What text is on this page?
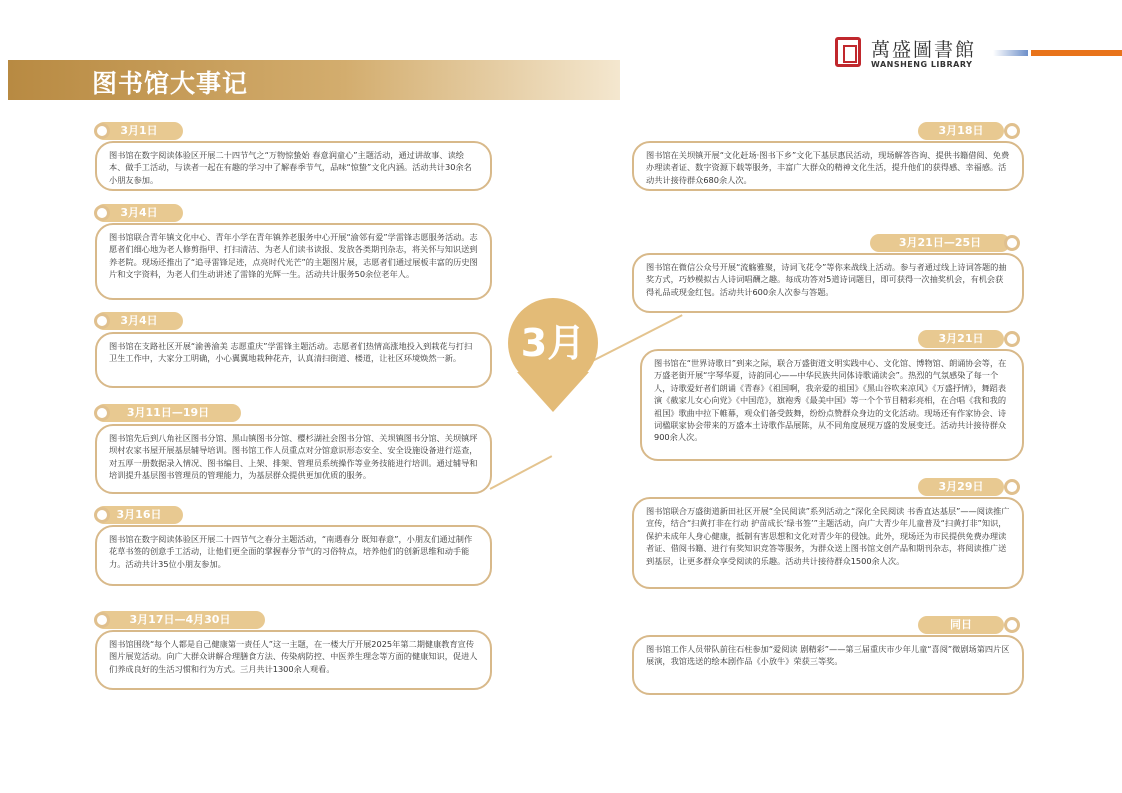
图书馆大事记
萬盛圖書館
WANSHENG LIBRARY
3月
3月1日
图书馆在数字阅读体验区开展二十四节气之“万物惊蛰始 春意润童心”主题活动，通过讲故事、读绘本、做手工活动，与读者一起在有趣的学习中了解春季节气，品味“惊蛰”文化内涵。活动共计30余名小朋友参加。
3月4日
图书馆联合青年镇文化中心、青年小学在青年镇养老服务中心开展“渝邻有爱”学雷锋志愿服务活动。志愿者们细心地为老人修剪指甲、打扫清洁、为老人们读书读报、发放各类期刊杂志，将关怀与知识送到养老院。现场还推出了“追寻雷锋足迹，点亮时代光芒”的主题图片展，志愿者们通过展板丰富的历史图片和文字资料，为老人们生动讲述了雷锋的光辉一生。活动共计服务50余位老年人。
3月4日
图书馆在支路社区开展“渝善渝美 志愿重庆”学雷锋主题活动。志愿者们热情高涨地投入到栽花与打扫卫生工作中，大家分工明确，小心翼翼地栽种花卉，认真清扫街道、楼道，让社区环境焕然一新。
3月11日—19日
图书馆先后到八角社区图书分馆、黑山镇图书分馆、樱杉湖社会图书分馆、关坝镇图书分馆、关坝镇坪坝村农家书屋开展基层辅导培训。图书馆工作人员重点对分馆意识形态安全、安全设施设备进行巡查，对五厚一册数据录入情况、图书编目、上架、排架、管理员系统操作等业务技能进行培训。通过辅导和培训提升基层图书管理员的管理能力，为基层群众提供更加优质的服务。
3月16日
图书馆在数字阅读体验区开展二十四节气之春分主题活动，“南遇春分 既知春意”，小朋友们通过制作花草书签的创意手工活动，让他们更全面的掌握春分节气的习俗特点，培养他们的创新思维和动手能力。活动共计35位小朋友参加。
3月17日—4月30日
图书馆围绕“每个人都是自己健康第一责任人”这一主题，在一楼大厅开展2025年第二期健康教育宣传图片展览活动。向广大群众讲解合理膳食方法、传染病防控、中医养生理念等方面的健康知识，促进人们养成良好的生活习惯和行为方式。三月共计1300余人观看。
3月18日
图书馆在关坝镇开展“文化赶场·图书下乡”文化下基层惠民活动，现场解答咨询、提供书籍借阅、免费办理读者证、数字资源下载等服务，丰富广大群众的精神文化生活，提升他们的获得感、幸福感。活动共计接待群众680余人次。
3月21日—25日
图书馆在微信公众号开展“流觞雅聚，诗词飞花令”等你来战线上活动。参与者通过线上诗词答题的抽奖方式，巧妙模拟古人诗词唱酬之趣。每成功答对5道诗词题目，即可获得一次抽奖机会，有机会获得礼品或现金红包。活动共计600余人次参与答题。
3月21日
图书馆在“世界诗歌日”到来之际，联合万盛街道文明实践中心、文化馆、博物馆、朗诵协会等，在万盛老街开展“字琴华夏，诗韵同心——中华民族共同体诗歌诵读会”。热烈的气氛感染了每一个人，诗歌爱好者们朗诵《青春》《祖国啊，我亲爱的祖国》《黑山谷吹来凉风》《万盛抒情》，舞蹈表演《截家儿女心向党》《中国范》，旗袍秀《最美中国》等一个个节目精彩亮相，在合唱《我和我的祖国》歌曲中拉下帷幕，观众们备受鼓舞，纷纷点赞群众身边的文化活动。现场还有作家协会、诗词楹联家协会带来的万盛本土诗歌作品展陈，从不同角度展现万盛的发展变迁。活动共计接待群众900余人次。
3月29日
图书馆联合万盛街道新田社区开展“全民阅读”系列活动之“深化全民阅读 书香直达基层”——阅读推广宣传，结合“扫黄打非在行动 护苗成长‘绿书签’”主题活动，向广大青少年儿童普及“扫黄打非”知识，保护未成年人身心健康，抵制有害思想和文化对青少年的侵蚀。此外，现场还为市民提供免费办理读者证、借阅书籍、进行有奖知识竞答等服务，为群众送上图书馆文创产品和期刊杂志，将阅读推广送到基层，让更多群众享受阅读的乐趣。活动共计接待群众1500余人次。
同日
图书馆工作人员带队前往石柱参加“爱阅读 剧精彩”——第三届重庆市少年儿童“喜阅”微剧场第四片区展演，我馆选送的绘本剧作品《小放牛》荣获三等奖。
